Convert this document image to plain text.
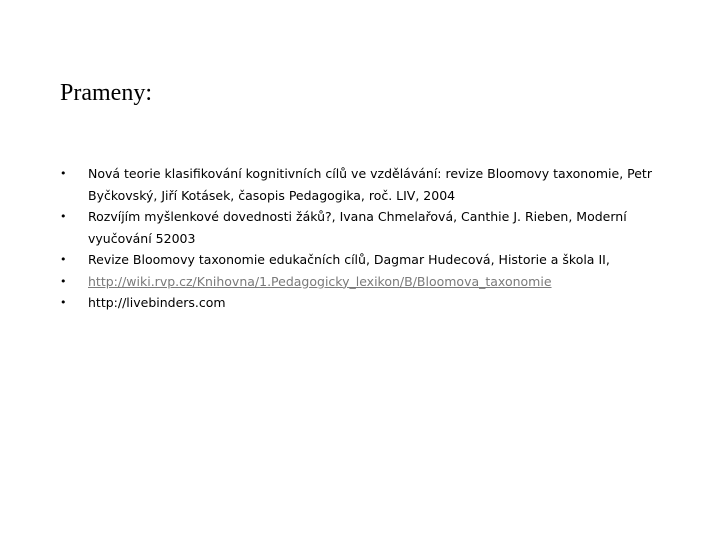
Prameny:
• Nová teorie klasifikování kognitivních cílů ve vzdělávání: revize Bloomovy taxonomie, Petr Byčkovský, Jiří Kotásek, časopis Pedagogika, roč. LIV, 2004
• Rozvíjím myšlenkové dovednosti žáků?, Ivana Chmelařová, Canthie J. Rieben, Moderní vyučování 52003
• Revize Bloomovy taxonomie edukačních cílů, Dagmar Hudecová, Historie a škola II,
• http://wiki.rvp.cz/Knihovna/1.Pedagogicky_lexikon/B/Bloomova_taxonomie
• http://livebinders.com
